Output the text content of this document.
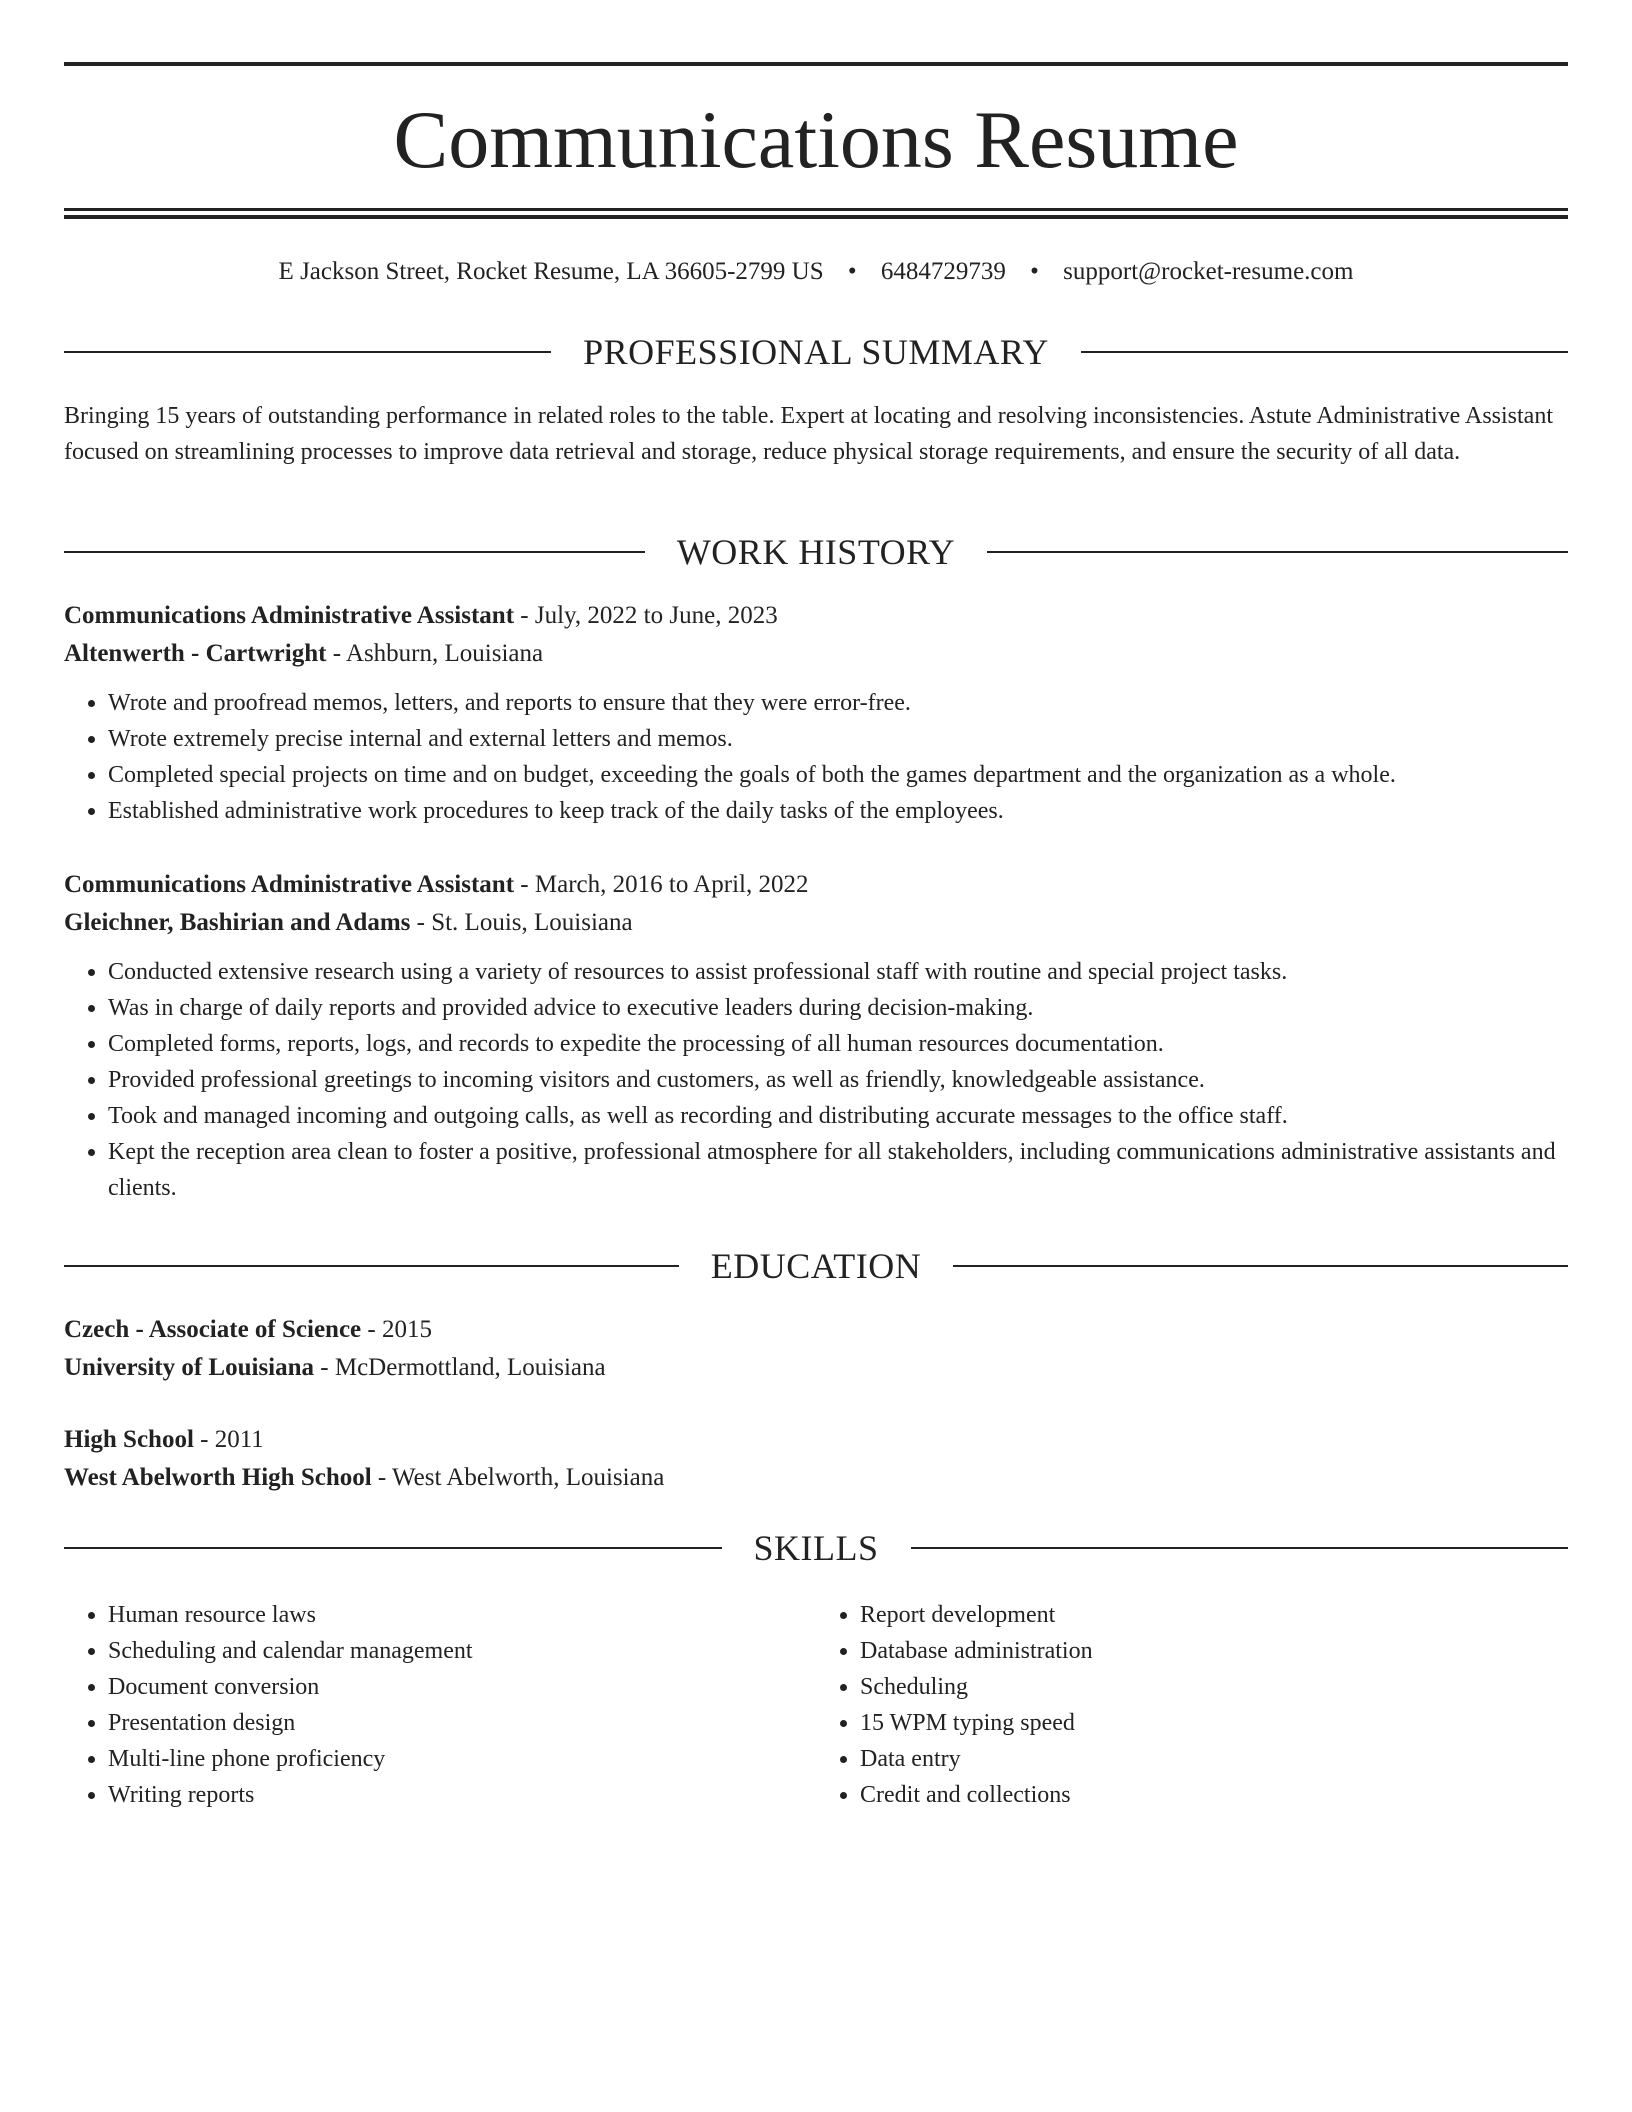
Communications Resume
E Jackson Street, Rocket Resume, LA 36605-2799 US • 6484729739 • support@rocket-resume.com
PROFESSIONAL SUMMARY
Bringing 15 years of outstanding performance in related roles to the table. Expert at locating and resolving inconsistencies. Astute Administrative Assistant focused on streamlining processes to improve data retrieval and storage, reduce physical storage requirements, and ensure the security of all data.
WORK HISTORY
Communications Administrative Assistant - July, 2022 to June, 2023
Altenwerth - Cartwright - Ashburn, Louisiana
• Wrote and proofread memos, letters, and reports to ensure that they were error-free.
• Wrote extremely precise internal and external letters and memos.
• Completed special projects on time and on budget, exceeding the goals of both the games department and the organization as a whole.
• Established administrative work procedures to keep track of the daily tasks of the employees.
Communications Administrative Assistant - March, 2016 to April, 2022
Gleichner, Bashirian and Adams - St. Louis, Louisiana
• Conducted extensive research using a variety of resources to assist professional staff with routine and special project tasks.
• Was in charge of daily reports and provided advice to executive leaders during decision-making.
• Completed forms, reports, logs, and records to expedite the processing of all human resources documentation.
• Provided professional greetings to incoming visitors and customers, as well as friendly, knowledgeable assistance.
• Took and managed incoming and outgoing calls, as well as recording and distributing accurate messages to the office staff.
• Kept the reception area clean to foster a positive, professional atmosphere for all stakeholders, including communications administrative assistants and clients.
EDUCATION
Czech - Associate of Science - 2015
University of Louisiana - McDermottland, Louisiana
High School - 2011
West Abelworth High School - West Abelworth, Louisiana
SKILLS
• Human resource laws
• Scheduling and calendar management
• Document conversion
• Presentation design
• Multi-line phone proficiency
• Writing reports
• Report development
• Database administration
• Scheduling
• 15 WPM typing speed
• Data entry
• Credit and collections
